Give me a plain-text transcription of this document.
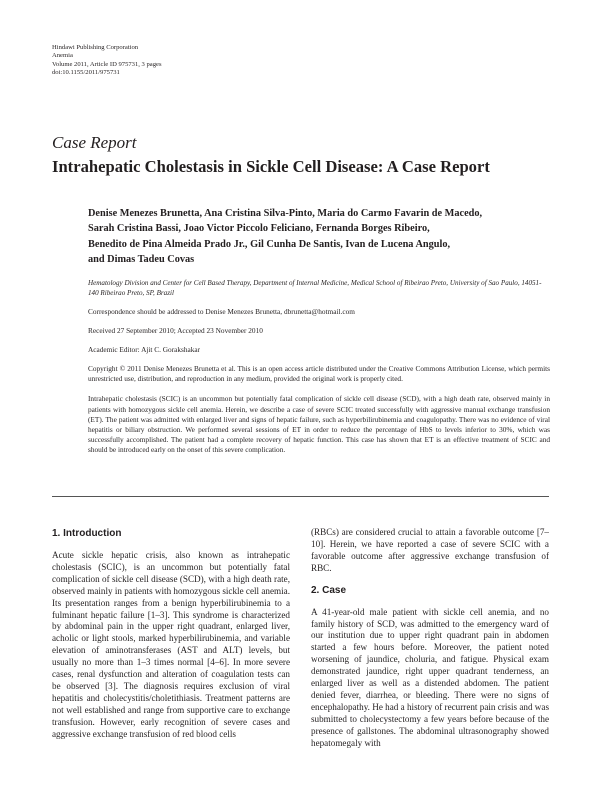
Hindawi Publishing Corporation
Anemia
Volume 2011, Article ID 975731, 3 pages
doi:10.1155/2011/975731
Case Report
Intrahepatic Cholestasis in Sickle Cell Disease: A Case Report

Denise Menezes Brunetta, Ana Cristina Silva-Pinto, Maria do Carmo Favarin de Macedo,
Sarah Cristina Bassi, Joao Victor Piccolo Feliciano, Fernanda Borges Ribeiro,
Benedito de Pina Almeida Prado Jr., Gil Cunha De Santis, Ivan de Lucena Angulo,
and Dimas Tadeu Covas

Hematology Division and Center for Cell Based Therapy, Department of Internal Medicine, Medical School of Ribeirao Preto, University of Sao Paulo, 14051-140 Ribeirao Preto, SP, Brazil
Correspondence should be addressed to Denise Menezes Brunetta, dbrunetta@hotmail.com
Received 27 September 2010; Accepted 23 November 2010
Academic Editor: Ajit C. Gorakshakar
Copyright © 2011 Denise Menezes Brunetta et al. This is an open access article distributed under the Creative Commons Attribution License, which permits unrestricted use, distribution, and reproduction in any medium, provided the original work is properly cited.
Intrahepatic cholestasis (SCIC) is an uncommon but potentially fatal complication of sickle cell disease (SCD), with a high death rate, observed mainly in patients with homozygous sickle cell anemia. Herein, we describe a case of severe SCIC treated successfully with aggressive manual exchange transfusion (ET). The patient was admitted with enlarged liver and signs of hepatic failure, such as hyperbilirubinemia and coagulopathy. There was no evidence of viral hepatitis or biliary obstruction. We performed several sessions of ET in order to reduce the percentage of HbS to levels inferior to 30%, which was successfully accomplished. The patient had a complete recovery of hepatic function. This case has shown that ET is an effective treatment of SCIC and should be introduced early on the onset of this severe complication.
1. Introduction

Acute sickle hepatic crisis, also known as intrahepatic cholestasis (SCIC), is an uncommon but potentially fatal complication of sickle cell disease (SCD), with a high death rate, observed mainly in patients with homozygous sickle cell anemia. Its presentation ranges from a benign hyperbilirubinemia to a fulminant hepatic failure [1–3]. This syndrome is characterized by abdominal pain in the upper right quadrant, enlarged liver, acholic or light stools, marked hyperbilirubinemia, and variable elevation of aminotransferases (AST and ALT) levels, but usually no more than 1–3 times normal [4–6]. In more severe cases, renal dysfunction and alteration of coagulation tests can be observed [3]. The diagnosis requires exclusion of viral hepatitis and cholecystitis/choletithiasis. Treatment patterns are not well established and range from supportive care to exchange transfusion. However, early recognition of severe cases and aggressive exchange transfusion of red blood cells

(RBCs) are considered crucial to attain a favorable outcome [7–10]. Herein, we have reported a case of severe SCIC with a favorable outcome after aggressive exchange transfusion of RBC.

2. Case

A 41-year-old male patient with sickle cell anemia, and no family history of SCD, was admitted to the emergency ward of our institution due to upper right quadrant pain in abdomen started a few hours before. Moreover, the patient noted worsening of jaundice, choluria, and fatigue. Physical exam demonstrated jaundice, right upper quadrant tenderness, an enlarged liver as well as a distended abdomen. The patient denied fever, diarrhea, or bleeding. There were no signs of encephalopathy. He had a history of recurrent pain crisis and was submitted to cholecystectomy a few years before because of the presence of gallstones. The abdominal ultrasonography showed hepatomegaly with
